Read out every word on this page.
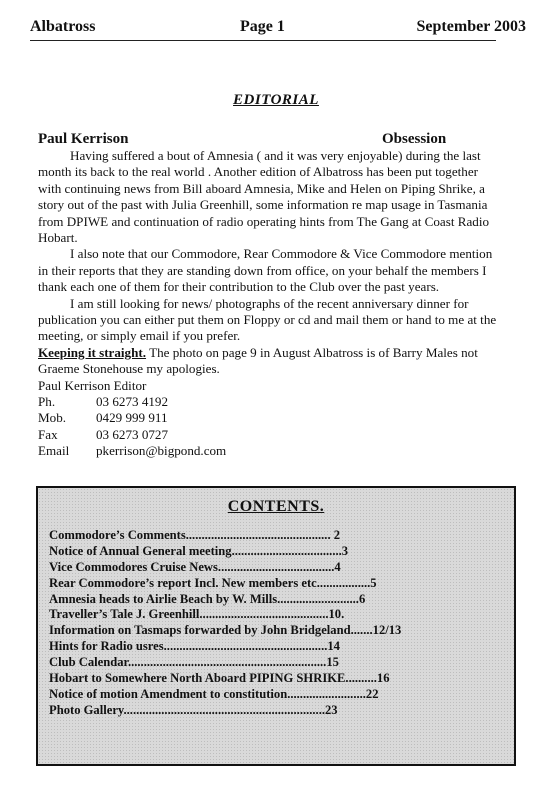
Albatross	Page 1	September 2003
EDITORIAL
Paul Kerrison	Obsession

Having suffered a bout of Amnesia ( and it was very enjoyable) during the last month its back to the real world . Another edition of Albatross has been put together with continuing news from Bill aboard Amnesia, Mike and Helen on Piping Shrike, a story out of the past with Julia Greenhill, some information re map usage in Tasmania from DPIWE and continuation of radio operating hints from The Gang at Coast Radio Hobart.

I also note that our Commodore, Rear Commodore & Vice Commodore mention in their reports that they are standing down from office, on your behalf the members I thank each one of them for their contribution to the Club over the past years.

I am still looking for news/ photographs of the recent anniversary dinner for publication you can either put them on Floppy or cd and mail them or hand to me at the meeting, or simply email if you prefer.

Keeping it straight. The photo on page 9 in August Albatross is of Barry Males not Graeme Stonehouse my apologies.
Paul Kerrison Editor
Ph.	03 6273 4192
Mob. 0429 999 911
Fax	03 6273 0727
Email pkerrison@bigpond.com
CONTENTS.
Commodore’s Comments.............................................. 2
Notice of Annual General meeting...................................3
Vice Commodores Cruise News.....................................4
Rear Commodore’s report Incl. New members etc.................5
Amnesia heads to Airlie Beach by W. Mills..........................6
Traveller’s Tale J. Greenhill.........................................10.
Information on Tasmaps forwarded by John Bridgeland.......12/13
Hints for Radio usres....................................................14
Club Calendar...............................................................15
Hobart to Somewhere North Aboard PIPING SHRIKE..........16
Notice of motion Amendment to constitution.........................22
Photo Gallery................................................................23
